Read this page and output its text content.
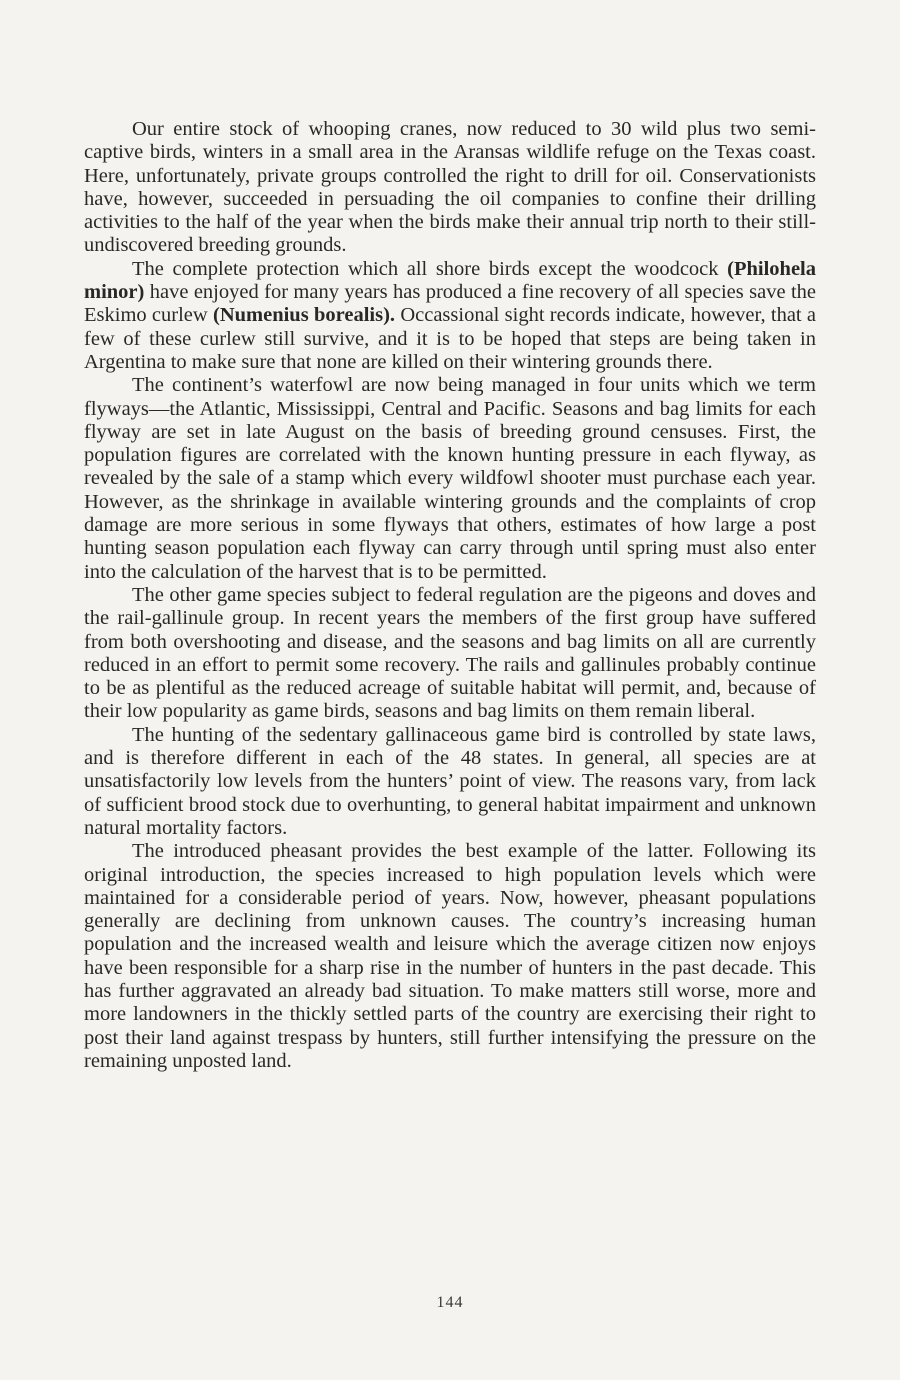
Our entire stock of whooping cranes, now reduced to 30 wild plus two semi-captive birds, winters in a small area in the Aransas wildlife refuge on the Texas coast. Here, unfortunately, private groups controlled the right to drill for oil. Conservationists have, however, succeeded in persuading the oil companies to confine their drilling activities to the half of the year when the birds make their annual trip north to their still-undiscovered breeding grounds.

The complete protection which all shore birds except the woodcock (Philohela minor) have enjoyed for many years has produced a fine recovery of all species save the Eskimo curlew (Numenius borealis). Occassional sight records indicate, however, that a few of these curlew still survive, and it is to be hoped that steps are being taken in Argentina to make sure that none are killed on their wintering grounds there.

The continent’s waterfowl are now being managed in four units which we term flyways—the Atlantic, Mississippi, Central and Pacific. Seasons and bag limits for each flyway are set in late August on the basis of breeding ground censuses. First, the population figures are correlated with the known hunting pressure in each flyway, as revealed by the sale of a stamp which every wildfowl shooter must purchase each year. However, as the shrinkage in available wintering grounds and the complaints of crop damage are more serious in some flyways that others, estimates of how large a post hunting season population each flyway can carry through until spring must also enter into the calculation of the harvest that is to be permitted.

The other game species subject to federal regulation are the pigeons and doves and the rail-gallinule group. In recent years the members of the first group have suffered from both overshooting and disease, and the seasons and bag limits on all are currently reduced in an effort to permit some recovery. The rails and gallinules probably continue to be as plentiful as the reduced acreage of suitable habitat will permit, and, because of their low popularity as game birds, seasons and bag limits on them remain liberal.

The hunting of the sedentary gallinaceous game bird is controlled by state laws, and is therefore different in each of the 48 states. In general, all species are at unsatisfactorily low levels from the hunters’ point of view. The reasons vary, from lack of sufficient brood stock due to overhunting, to general habitat impairment and unknown natural mortality factors.

The introduced pheasant provides the best example of the latter. Following its original introduction, the species increased to high population levels which were maintained for a considerable period of years. Now, however, pheasant populations generally are declining from unknown causes. The country’s increasing human population and the increased wealth and leisure which the average citizen now enjoys have been responsible for a sharp rise in the number of hunters in the past decade. This has further aggravated an already bad situation. To make matters still worse, more and more landowners in the thickly settled parts of the country are exercising their right to post their land against trespass by hunters, still further intensifying the pressure on the remaining unposted land.

144
